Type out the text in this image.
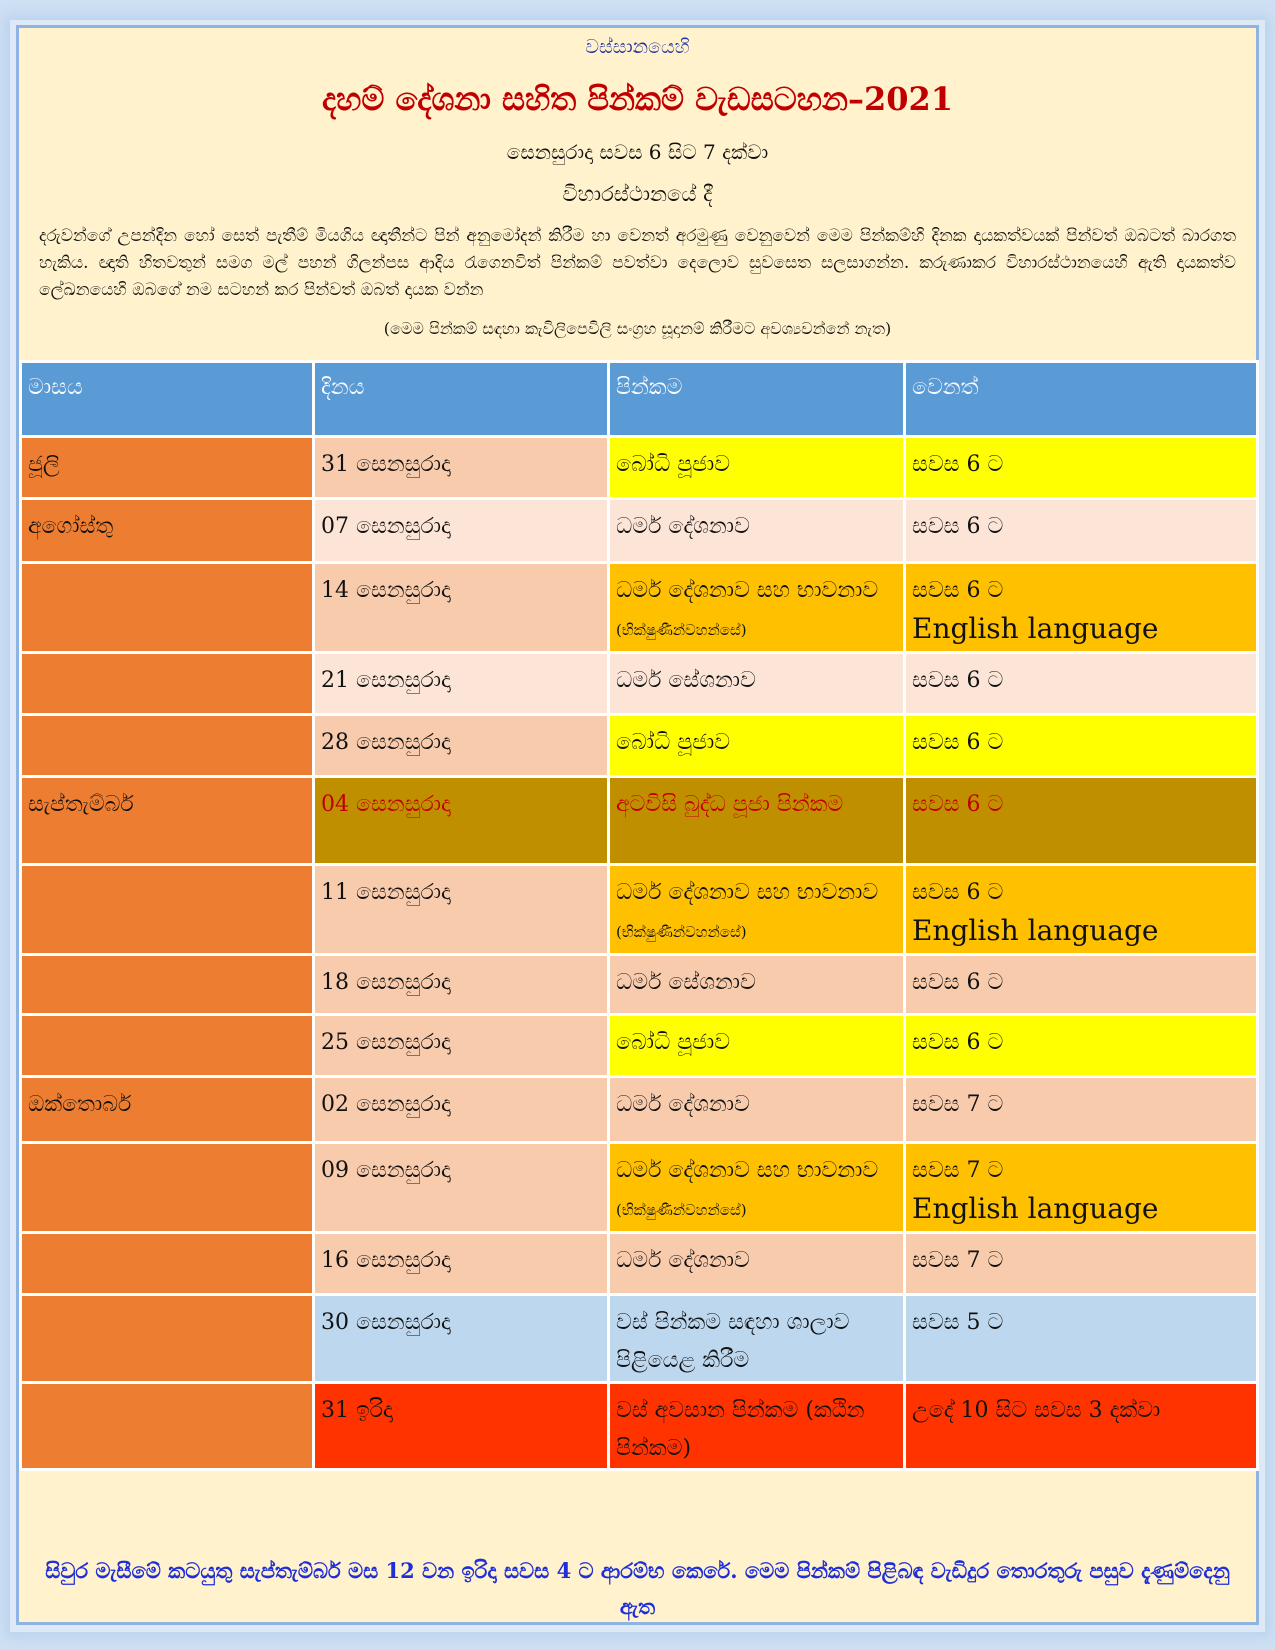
වස්සානයෙහි
දහම් දේශනා සහිත පින්කම් වැඩසටහන–2021
සෙනසුරාදා සවස 6 සිට 7 දක්වා
විහාරස්ථානයේ දී
දරුවන්ගේ උපන්දින හෝ සෙත් පැතීම් මියගිය ඥාතීන්ට පින් අනුමෝදන් කිරීම හා වෙනත් අරමුණු වෙනුවෙන් මෙම පින්කම්හි දිනක දායකත්වයක් පින්වත් ඔබටත් බාරගත හැකිය. ඥාති හිතවතුන් සමග මල් පහන් ගිලන්පස ආදිය රැගෙනවිත් පින්කම් පවත්වා දෙලොව සුවසෙත සලසාගන්න. කරුණාකර විහාරස්ථානයෙහි ඇති දායකත්ව ලේඛනයෙහි ඔබගේ නම සටහන් කර පින්වත් ඔබත් දායක වන්න
(මෙම පින්කම් සඳහා කැවිලිපෙවිලි සංග්‍රහ සූදානම් කිරීමට අවශ්‍යවන්නේ නැත)
මාසය	දිනය	පින්කම	වෙනත්
ජූලි	31 සෙනසුරාදා	බෝධි පූජාව	සවස 6 ට
අගෝස්තු	07 සෙනසුරාදා	ධර්ම දේශනාව	සවස 6 ට
	14 සෙනසුරාදා	ධර්ම දේශනාව සහ භාවනාව (භික්ෂුණීන්වහන්සේ)	සවස 6 ට
English language
	21 සෙනසුරාදා	ධර්ම සේශනාව	සවස 6 ට
	28 සෙනසුරාදා	බෝධි පූජාව	සවස 6 ට
සැප්තැම්බර්	04 සෙනසුරාදා	අටවිසි බුද්ධ පූජා පින්කම	සවස 6 ට
	11 සෙනසුරාදා	ධර්ම දේශනාව සහ භාවනාව (භික්ෂුණීන්වහන්සේ)	සවස 6 ට
English language
	18 සෙනසුරාදා	ධර්ම සේශනාව	සවස 6 ට
	25 සෙනසුරාදා	බෝධි පූජාව	සවස 6 ට
ඔක්තොබර්	02 සෙනසුරාදා	ධර්ම දේශනාව	සවස 7 ට
	09 සෙනසුරාදා	ධර්ම දේශනාව සහ භාවනාව (භික්ෂුණීන්වහන්සේ)	සවස 7 ට
English language
	16 සෙනසුරාදා	ධර්ම දේශනාව	සවස 7 ට
	30 සෙනසුරාදා	වස් පින්කම සඳහා ශාලාව පිළියෙළ කිරීම	සවස 5 ට
	31 ඉරිදා	වස් අවසාන පින්කම (කඨින පින්කම)	උදේ 10 සිට සවස 3 දක්වා
සිවුර මැසීමේ කටයුතු සැප්තැම්බර් මස 12 වන ඉරිදා සවස 4 ට ආරම්භ කෙරේ. මෙම පින්කම් පිළිබඳ වැඩිදුර තොරතුරු පසුව දැණුම්දෙනු ඇත
